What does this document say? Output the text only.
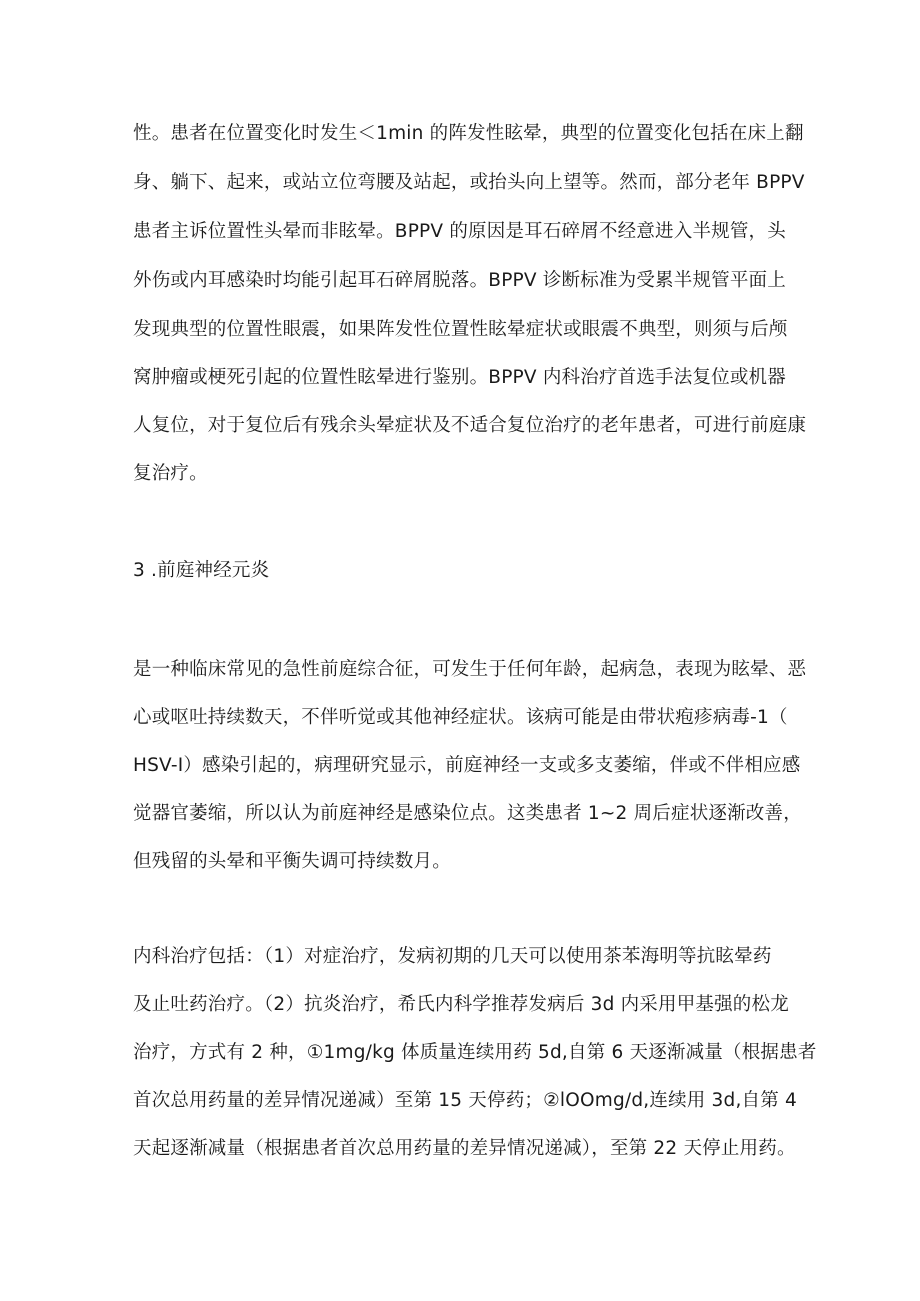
性。患者在位置变化时发生＜1min 的阵发性眩晕，典型的位置变化包括在床上翻
身、躺下、起来，或站立位弯腰及站起，或抬头向上望等。然而，部分老年 BPPV
患者主诉位置性头晕而非眩晕。BPPV 的原因是耳石碎屑不经意进入半规管，头
外伤或内耳感染时均能引起耳石碎屑脱落。BPPV 诊断标准为受累半规管平面上
发现典型的位置性眼震，如果阵发性位置性眩晕症状或眼震不典型，则须与后颅
窝肿瘤或梗死引起的位置性眩晕进行鉴别。BPPV 内科治疗首选手法复位或机器
人复位，对于复位后有残余头晕症状及不适合复位治疗的老年患者，可进行前庭康
复治疗。
3 .前庭神经元炎
是一种临床常见的急性前庭综合征，可发生于任何年龄，起病急，表现为眩晕、恶
心或呕吐持续数天，不伴听觉或其他神经症状。该病可能是由带状疱疹病毒-1（
HSV-I）感染引起的，病理研究显示，前庭神经一支或多支萎缩，伴或不伴相应感
觉器官萎缩，所以认为前庭神经是感染位点。这类患者 1~2 周后症状逐渐改善，
但残留的头晕和平衡失调可持续数月。
内科治疗包括：（1）对症治疗，发病初期的几天可以使用茶苯海明等抗眩晕药
及止吐药治疗。（2）抗炎治疗，希氏内科学推荐发病后 3d 内采用甲基强的松龙
治疗，方式有 2 种，①1mg/kg 体质量连续用药 5d,自第 6 天逐渐减量（根据患者
首次总用药量的差异情况递减）至第 15 天停药；②lOOmg/d,连续用 3d,自第 4
天起逐渐减量（根据患者首次总用药量的差异情况递减），至第 22 天停止用药。
